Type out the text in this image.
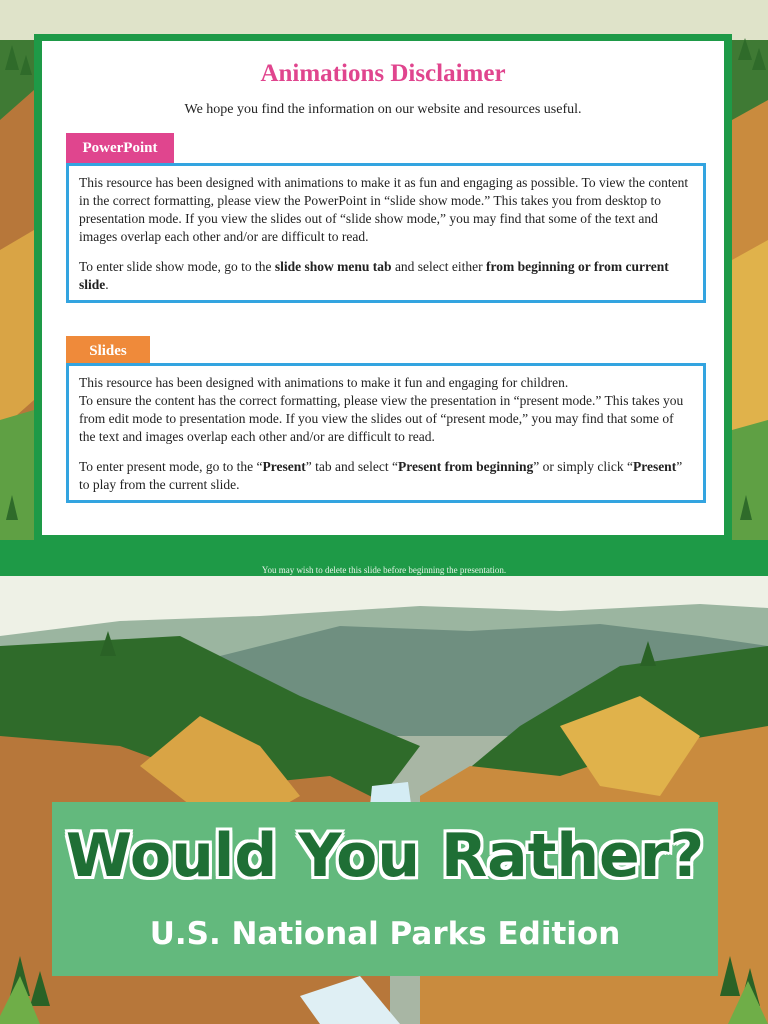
Animations Disclaimer
We hope you find the information on our website and resources useful.
PowerPoint

This resource has been designed with animations to make it as fun and engaging as possible. To view the content in the correct formatting, please view the PowerPoint in “slide show mode.” This takes you from desktop to presentation mode. If you view the slides out of “slide show mode,” you may find that some of the text and images overlap each other and/or are difficult to read.

To enter slide show mode, go to the slide show menu tab and select either from beginning or from current slide.

Slides

This resource has been designed with animations to make it fun and engaging for children.
To ensure the content has the correct formatting, please view the presentation in “present mode.” This takes you from edit mode to presentation mode. If you view the slides out of “present mode,” you may find that some of the text and images overlap each other and/or are difficult to read.

To enter present mode, go to the “Present” tab and select “Present from beginning” or simply click “Present” to play from the current slide.

You may wish to delete this slide before beginning the presentation.
Would You Rather?
U.S. National Parks Edition
